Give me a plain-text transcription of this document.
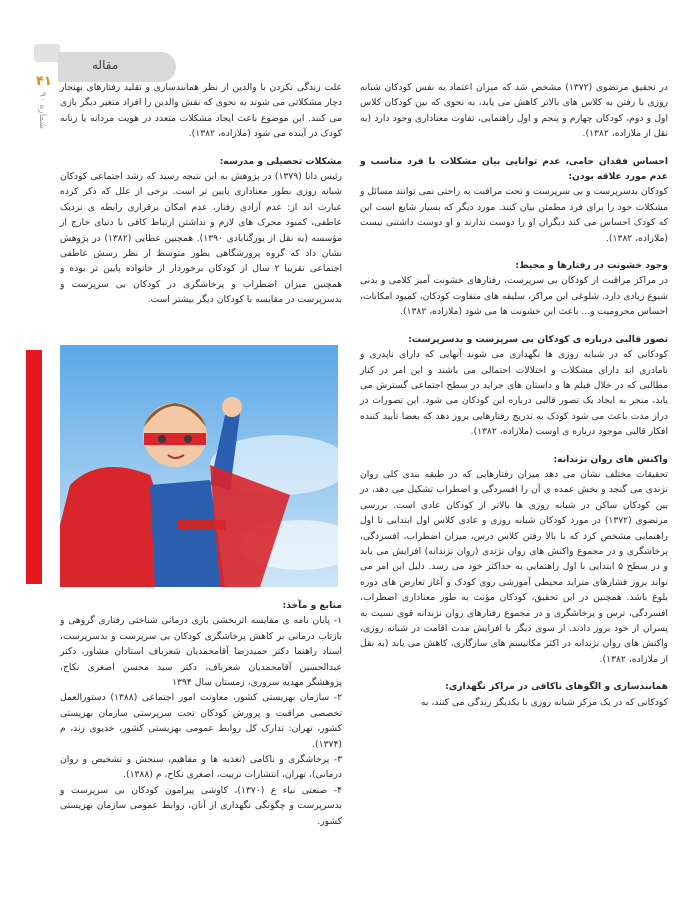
مقاله
۴۱
شماره ۹۰

در تحقیق مرتضوی (۱۳۷۲) مشخص شد که میزان اعتماد به نفس کودکان شبانه روزی با رفتن به کلاس های بالاتر کاهش می یابد، به نحوی که بین کودکان کلاس اول و دوم، کودکان چهارم و پنجم و اول راهنمایی، تفاوت معناداری وجود دارد (به نقل از ملازاده، ۱۳۸۲).

احساس فقدان حامی، عدم توانایی بیان مشکلات با فرد مناسب و عدم مورد علاقه بودن:

کودکان بدسرپرست و بی سرپرست و تحت مراقبت به راحتی نمی توانند مسائل و مشکلات خود را برای فرد مطمئن بیان کنند. مورد دیگر که بسیار شایع است این که کودک احساس می کند دیگران او را دوست ندارند و او دوست داشتنی نیست (ملازاده، ۱۳۸۲).

وجود خشونت در رفتارها و محیط:

در مراکز مراقبت از کودکان بی سرپرست، رفتارهای خشونت آمیز کلامی و بدنی شیوع زیادی دارد. شلوغی این مراکز، سلیقه های متفاوت کودکان، کمبود امکانات، احساس محرومیت و... باعث این خشونت ها می شود (ملازاده، ۱۳۸۲).

تصور قالبی درباره ی کودکان بی سرپرست و بدسرپرست:

کودکانی که در شبانه روزی ها نگهداری می شوند آنهایی که دارای ناپدری و نامادری اند دارای مشکلات و اختلالات احتمالی می باشند و این امر در کنار مطالبی که در خلال فیلم ها و داستان های جراید در سطح اجتماعی گسترش می یابد، منجر به ایجاد یک تصور قالبی درباره این کودکان می شود. این تصورات در دراز مدت باعث می شود کودک به تدریج رفتارهایی بروز دهد که بعضا تأیید کننده افکار قالبی موجود درباره ی اوست (ملازاده، ۱۳۸۲).

واکنش های روان نژندانه:

تحقیقات مختلف نشان می دهد میزان رفتارهایی که در طبقه بندی کلی روان نژندی می گنجد و بخش عمده ی آن را افسردگی و اضطراب تشکیل می دهد، در بین کودکان ساکن در شبانه روزی ها بالاتر از کودکان عادی است. بررسی مرتضوی (۱۳۷۲) در مورد کودکان شبانه روزی و عادی کلاس اول ابتدایی تا اول راهنمایی مشخص کرد که با بالا رفتن کلاس درس، میزان اضطراب، افسردگی، پرخاشگری و در مجموع واکنش های روان نژندی (روان نژندانه) افزایش می یابد و در سطح ۵ ابتدایی با اول راهنمایی به حداکثر خود می رسد. دلیل این امر می تواند بروز فشارهای متزاید محیطی آموزشی روی کودک و آغاز تعارض های دوره بلوغ باشد. همچنین در این تحقیق، کودکان مؤنث به طور معناداری اضطراب، افسردگی، ترس و پرخاشگری و در مجموع رفتارهای روان نژندانه قوی نسبت به پسران از خود بروز دادند. از سوی دیگر با افزایش مدت اقامت در شبانه روزی، واکنش های روان نژندانه در اکثر مکانیسم های سازگاری، کاهش می یابد (به نقل از ملازاده، ۱۳۸۲).

همانندسازی و الگوهای ناکافی در مراکز نگهداری:

کودکانی که در یک مرکز شبانه روزی با یکدیگر زندگی می کنند، به

علت زندگی نکردن با والدین از نظر همانندسازی و تقلید رفتارهای بهنجار دچار مشکلاتی می شوند به نحوی که نقش والدین را افراد متغیر دیگر بازی می کنند. این موضوع باعث ایجاد مشکلات متعدد در هویت مردانه یا زنانه کودک در آینده می شود (ملازاده، ۱۳۸۲).

مشکلات تحصیلی و مدرسه:

رئیس دانا (۱۳۷۹) در پژوهش به این نتیجه رسید که رشد اجتماعی کودکان شبانه روزی بطور معناداری پایین تر است. برخی از علل که ذکر کرده عبارت اند از: عدم آزادی رفتار، عدم امکان برقراری رابطه ی نزدیک عاطفی، کمبود محرک های لازم و نداشتن ارتباط کافی با دنیای خارج از مؤسسه (به نقل از یورگنابادی ۱۳۹۰). همچنین عطایی (۱۳۸۲) در پژوهش نشان داد که گروه پرورشگاهی بطور متوسط از نظر رسش عاطفی اجتماعی تقریبا ۲ سال از کودکان برخوردار از خانواده پایین تر بوده و همچنین میزان اضطراب و پرخاشگری در کودکان بی سرپرست و بدسرپرست در مقایسه با کودکان دیگر بیشتر است.

منابع و مآخذ:

۱- پایان نامه ی مقایسه اثربخشی بازی درمانی شناختی رفتاری گروهی و بازتاب درمانی بر کاهش پرخاشگری کودکان بی سرپرست و بدسرپرست، استاد راهنما دکتر حمیدرضا آقامحمدیان شعرباف استادان مشاور، دکتر عبدالحسین آقامحمدیان شعرباف، دکتر سید محسن اصغری نکاح، پژوهشگر مهدیه سروری، زمستان سال ۱۳۹۴

۲- سازمان بهزیستی کشور، معاونت امور اجتماعی (۱۳۸۸) دستورالعمل تخصصی مراقبت و پرورش کودکان تحت سرپرستی سازمان بهزیستی کشور، تهران: تدارک کل روابط عمومی بهزیستی کشور، خدیوی زند، م (۱۳۷۴).

۳- پرخاشگری و ناکامی (تغذیه ها و مفاهیم، سنجش و تشخیص و روان درمانی)، تهران، انتشارات تربیت، اصغری نکاح، م (۱۳۸۸).

۴- صنعتی نیاء ع (۱۳۷۰)، کاوشی پیرامون کودکان بی سرپرست و بدسرپرست و چگونگی نگهداری از آنان، روابط عمومی سازمان بهزیستی کشور.
